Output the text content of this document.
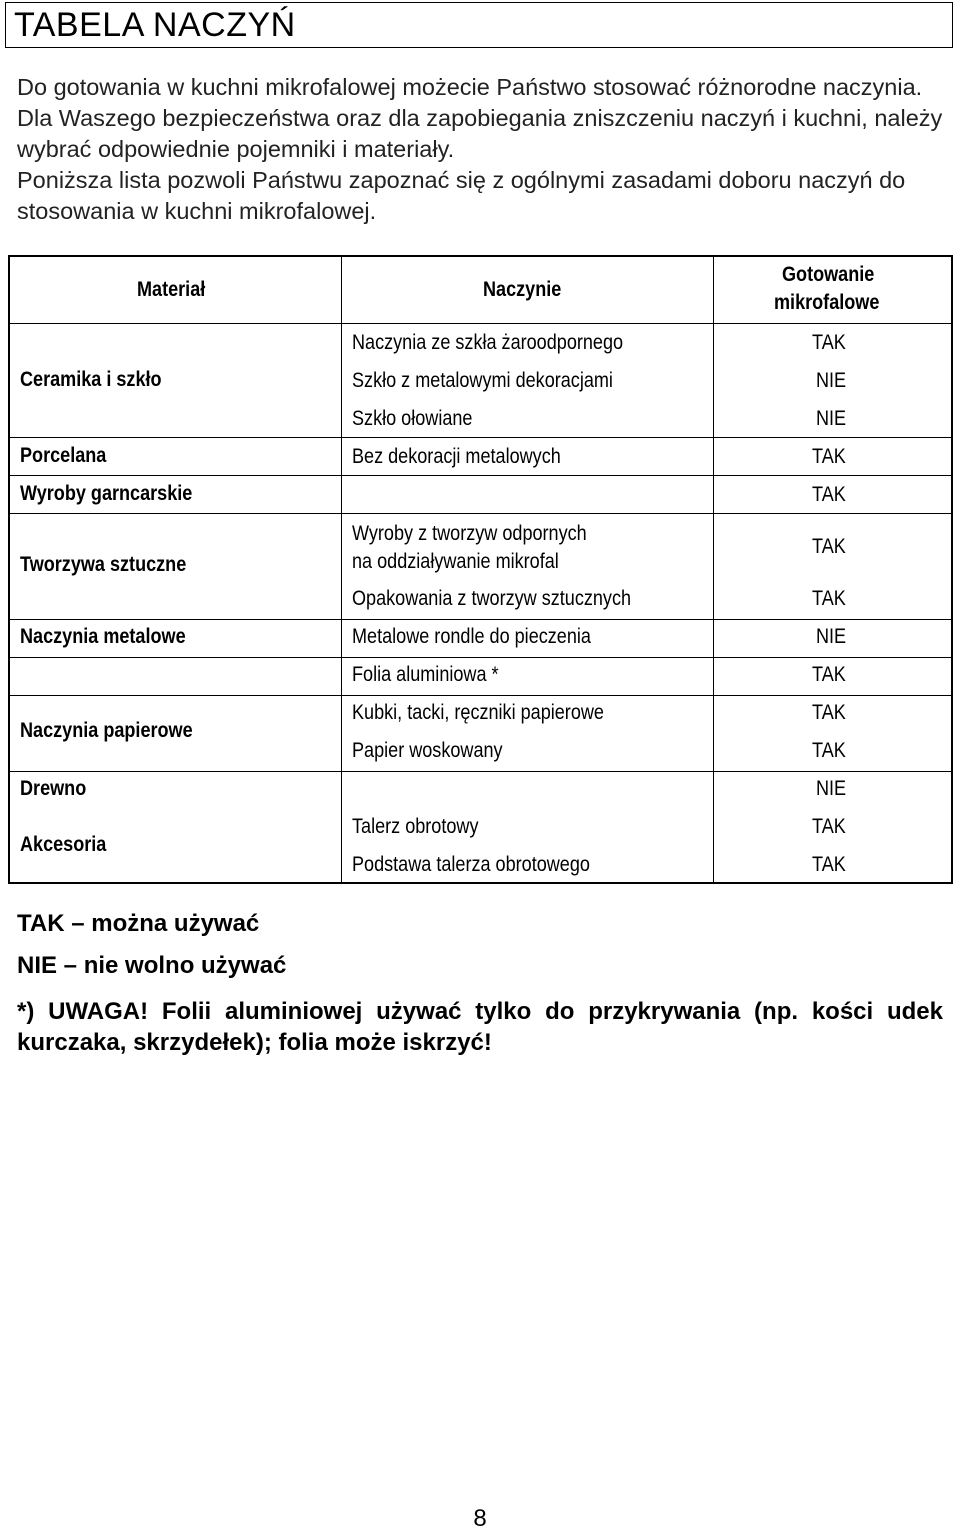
TABELA NACZYŃ

Do gotowania w kuchni mikrofalowej możecie Państwo stosować różnorodne naczynia. Dla Waszego bezpieczeństwa oraz dla zapobiegania zniszczeniu naczyń i kuchni, należy wybrać odpowiednie pojemniki i materiały.

Poniższa lista pozwoli Państwu zapoznać się z ogólnymi zasadami doboru naczyń do stosowania w kuchni mikrofalowej.

Materiał	Naczynie
Gotowanie
mikrofalowe
Ceramika i szkło
Porcelana
Wyroby garncarskie
Tworzywa sztuczne
Naczynia metalowe
Naczynia papierowe
Drewno
Akcesoria
Naczynia ze szkła żaroodpornego
Szkło z metalowymi dekoracjami
Szkło ołowiane
Bez dekoracji metalowych
Wyroby z tworzyw odpornych
na oddziaływanie mikrofal
Opakowania z tworzyw sztucznych
Metalowe rondle do pieczenia
Folia aluminiowa *
Kubki, tacki, ręczniki papierowe
Papier woskowany
Talerz obrotowy
Podstawa talerza obrotowego
TAK
NIE
NIE
TAK
TAK
TAK
TAK
NIE
TAK
TAK
TAK
NIE
TAK
TAK
TAK – można używać
NIE – nie wolno używać
*) UWAGA! Folii aluminiowej używać tylko do przykrywania (np. kości udek kurczaka, skrzydełek); folia może iskrzyć!
8
